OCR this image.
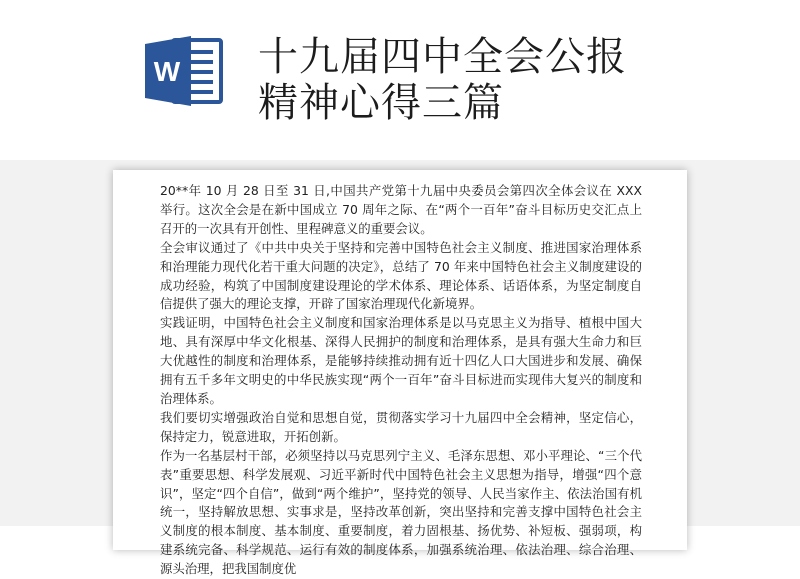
W 十九届四中全会公报
精神心得三篇

20**年 10 月 28 日至 31 日,中国共产党第十九届中央委员会第四次全体会议在 XXX 举行。这次全会是在新中国成立 70 周年之际、在“两个一百年”奋斗目标历史交汇点上召开的一次具有开创性、里程碑意义的重要会议。

全会审议通过了《中共中央关于坚持和完善中国特色社会主义制度、推进国家治理体系和治理能力现代化若干重大问题的决定》，总结了 70 年来中国特色社会主义制度建设的成功经验，构筑了中国制度建设理论的学术体系、理论体系、话语体系，为坚定制度自信提供了强大的理论支撑，开辟了国家治理现代化新境界。

实践证明，中国特色社会主义制度和国家治理体系是以马克思主义为指导、植根中国大地、具有深厚中华文化根基、深得人民拥护的制度和治理体系，是具有强大生命力和巨大优越性的制度和治理体系，是能够持续推动拥有近十四亿人口大国进步和发展、确保拥有五千多年文明史的中华民族实现“两个一百年”奋斗目标进而实现伟大复兴的制度和治理体系。

我们要切实增强政治自觉和思想自觉，贯彻落实学习十九届四中全会精神，坚定信心，保持定力，锐意进取，开拓创新。

作为一名基层村干部，必须坚持以马克思列宁主义、毛泽东思想、邓小平理论、“三个代表”重要思想、科学发展观、习近平新时代中国特色社会主义思想为指导，增强“四个意识”，坚定“四个自信”，做到“两个维护”，坚持党的领导、人民当家作主、依法治国有机统一，坚持解放思想、实事求是，坚持改革创新，突出坚持和完善支撑中国特色社会主义制度的根本制度、基本制度、重要制度，着力固根基、扬优势、补短板、强弱项，构建系统完备、科学规范、运行有效的制度体系，加强系统治理、依法治理、综合治理、源头治理，把我国制度优
